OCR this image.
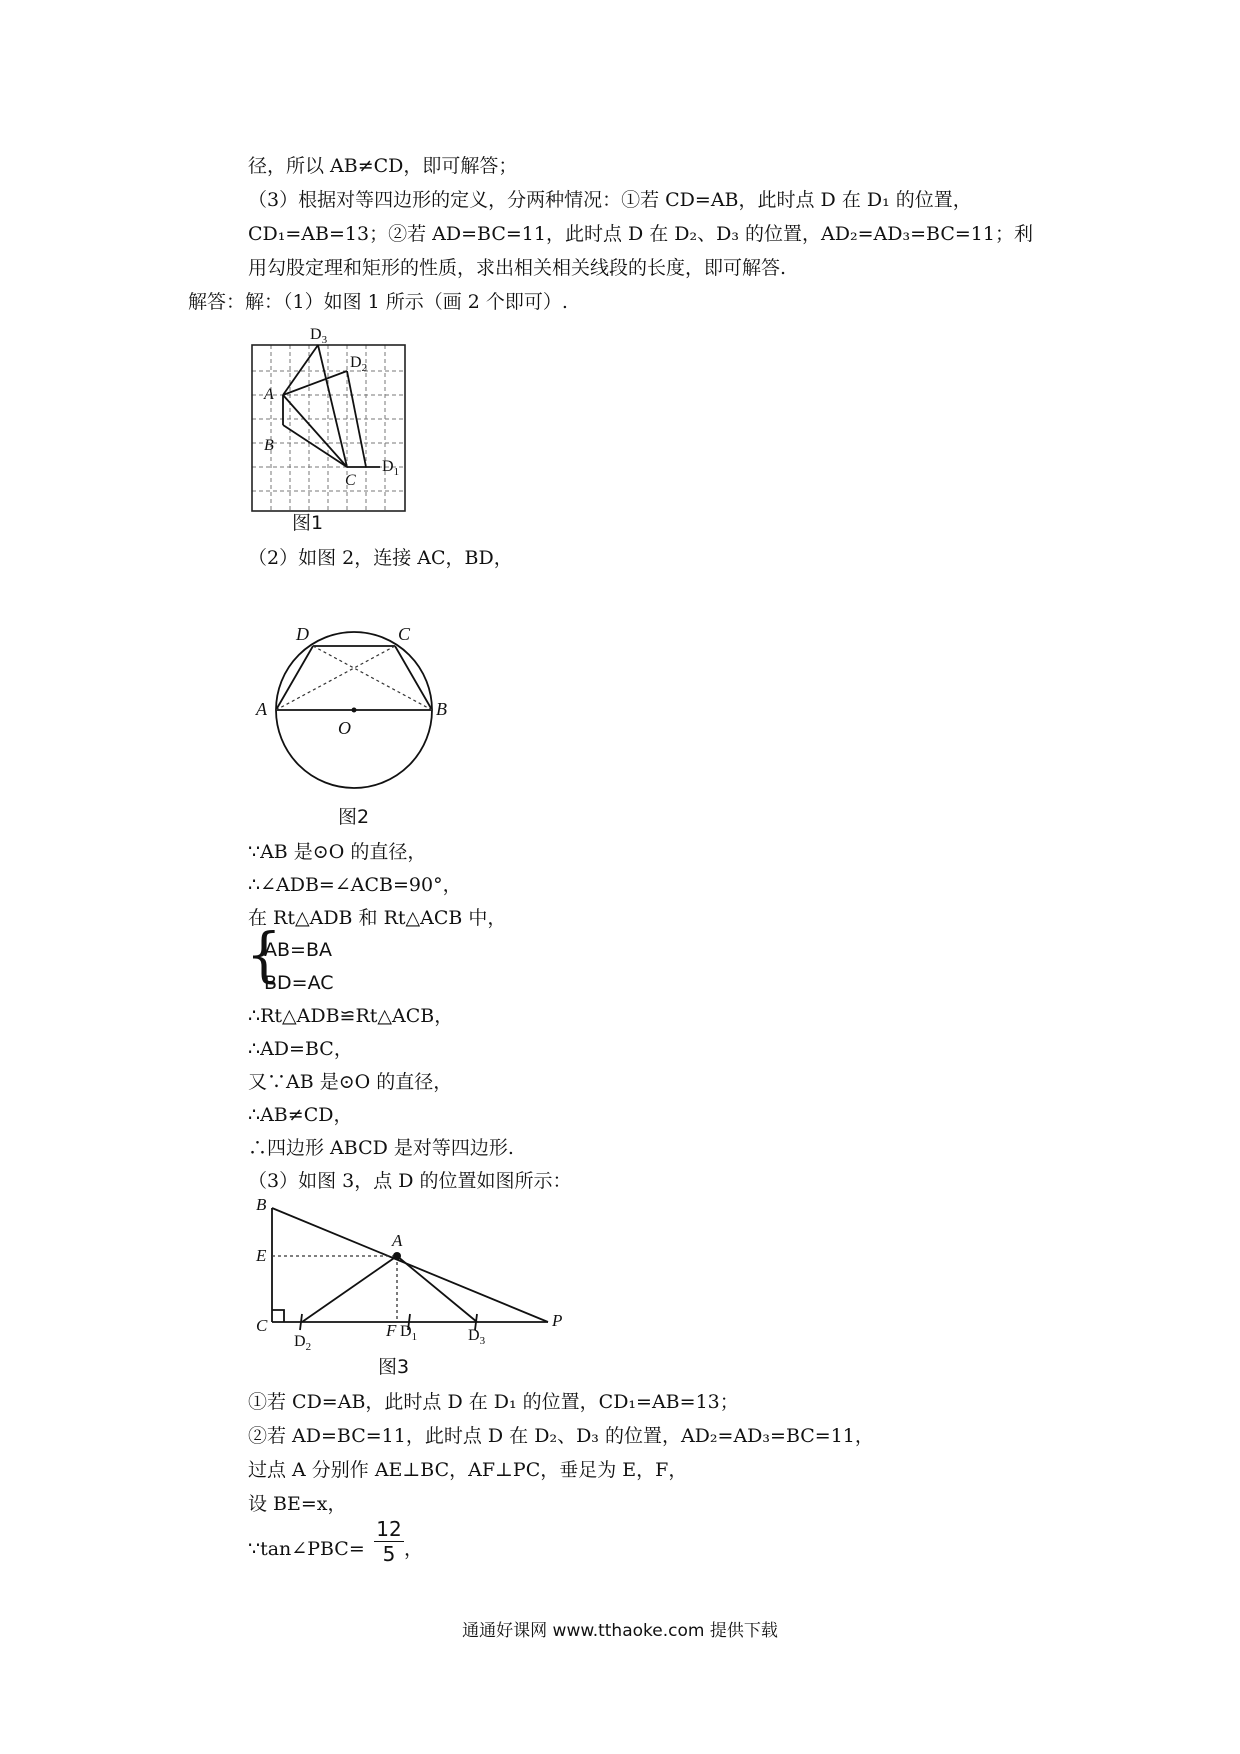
径，所以 AB≠CD，即可解答；
（3）根据对等四边形的定义，分两种情况：①若 CD=AB，此时点 D 在 D₁ 的位置，
CD₁=AB=13；②若 AD=BC=11，此时点 D 在 D₂、D₃ 的位置，AD₂=AD₃=BC=11；利
用勾股定理和矩形的性质，求出相关相关线段的长度，即可解答.
解答：解：（1）如图 1 所示（画 2 个即可）.
$D_3$
$D_2$
A
B
C
$D_1$
图1
（2）如图 2，连接 AC，BD，
D	C
A
O
B
图2
∵AB 是⊙O 的直径，
∴∠ADB=∠ACB=90°，
在 Rt△ADB 和 Rt△ACB 中，
{
AB=BA
BD=AC
∴Rt△ADB≌Rt△ACB，
∴AD=BC，
又∵AB 是⊙O 的直径，
∴AB≠CD，
∴四边形 ABCD 是对等四边形.
（3）如图 3，点 D 的位置如图所示：
B
E
A
C
$D_2$
F $D_1$	$D_3$
P
图3
①若 CD=AB，此时点 D 在 D₁ 的位置，CD₁=AB=13；
②若 AD=BC=11，此时点 D 在 D₂、D₃ 的位置，AD₂=AD₃=BC=11，
过点 A 分别作 AE⊥BC，AF⊥PC，垂足为 E，F，
设 BE=x，
∵tan∠PBC=
12
5 ，
通通好课网 www.tthaoke.com 提供下载
